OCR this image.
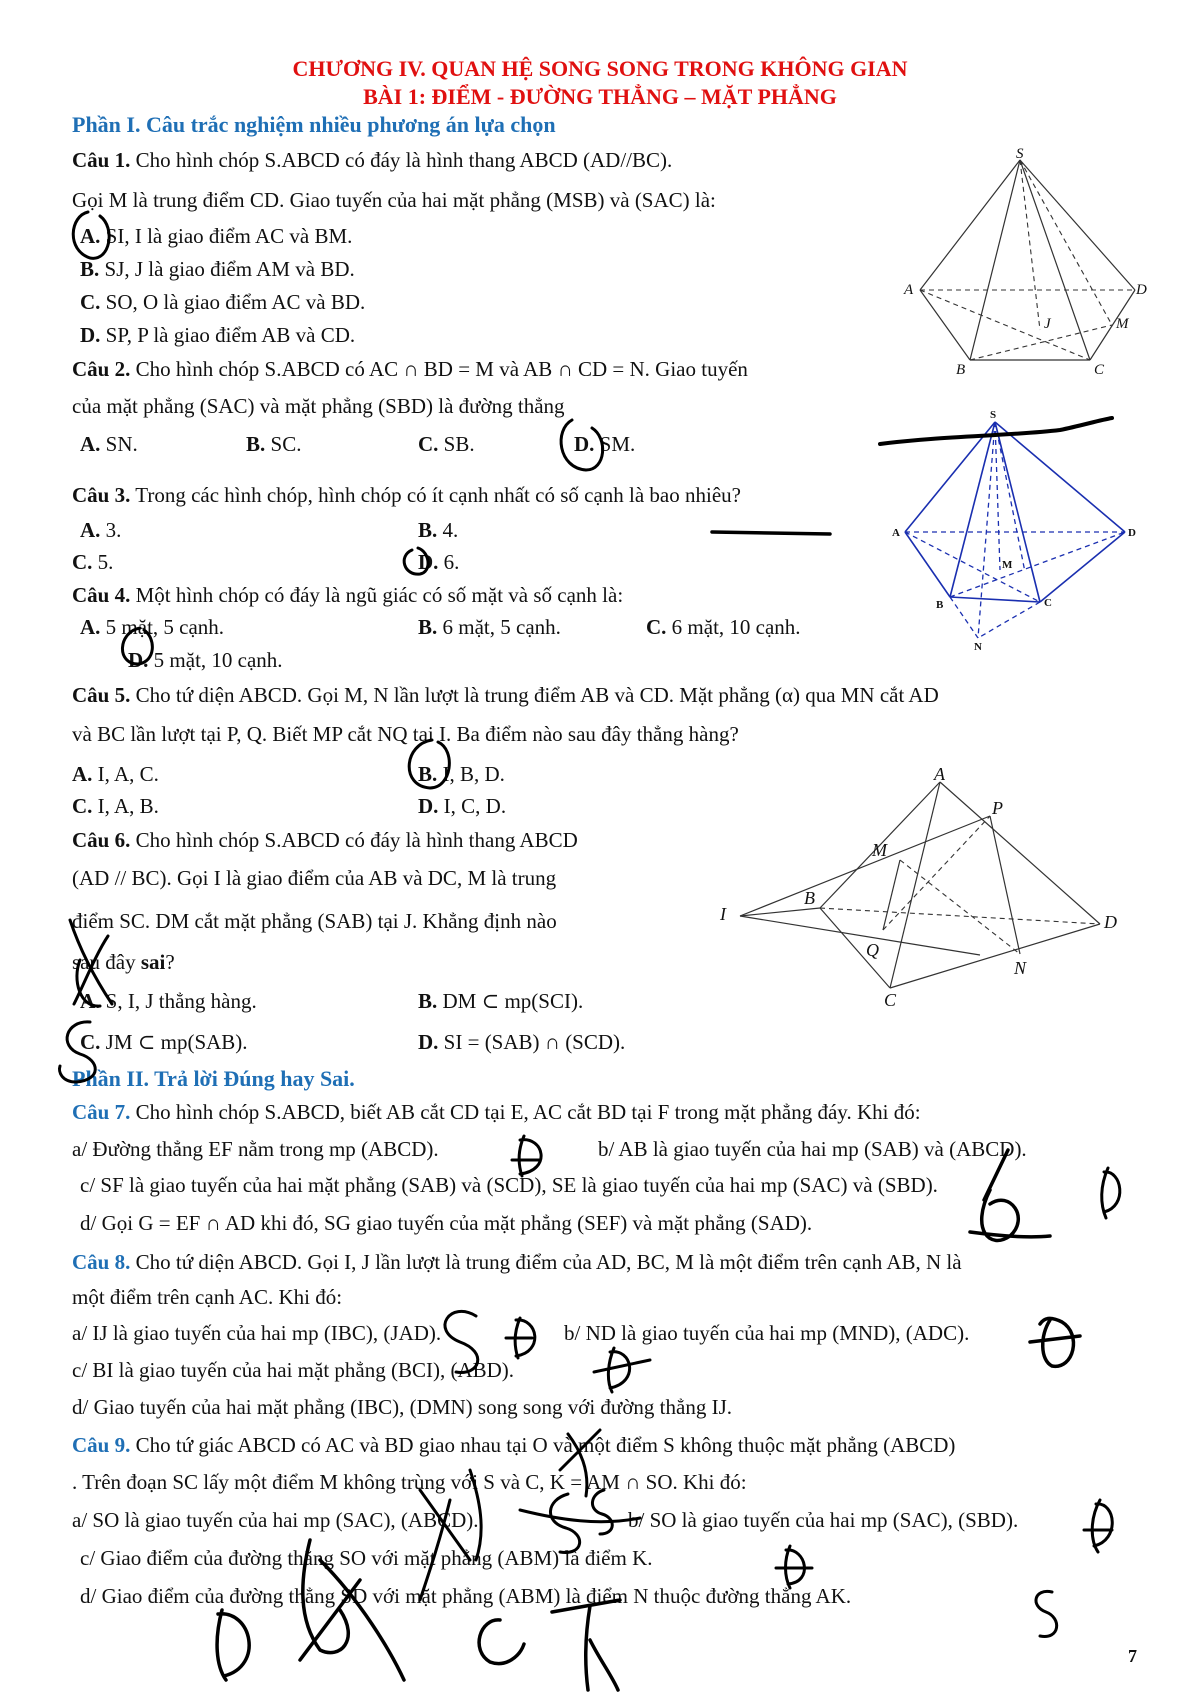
CHƯƠNG IV. QUAN HỆ SONG SONG TRONG KHÔNG GIAN
BÀI 1: ĐIỂM - ĐƯỜNG THẲNG – MẶT PHẲNG
Phần I. Câu trắc nghiệm nhiều phương án lựa chọn
Câu 1. Cho hình chóp S.ABCD có đáy là hình thang ABCD (AD//BC).
Gọi M là trung điểm CD. Giao tuyến của hai mặt phẳng (MSB) và (SAC) là:
A. SI, I là giao điểm AC và BM.
B. SJ, J là giao điểm AM và BD.
C. SO, O là giao điểm AC và BD.
D. SP, P là giao điểm AB và CD.
Câu 2. Cho hình chóp S.ABCD có AC ∩ BD = M và AB ∩ CD = N. Giao tuyến
của mặt phẳng (SAC) và mặt phẳng (SBD) là đường thẳng
A. SN.	B. SC.	C. SB.	D. SM.
Câu 3. Trong các hình chóp, hình chóp có ít cạnh nhất có số cạnh là bao nhiêu?
A. 3.	B. 4.
C. 5.	D. 6.
Câu 4. Một hình chóp có đáy là ngũ giác có số mặt và số cạnh là:
A. 5 mặt, 5 cạnh.	B. 6 mặt, 5 cạnh.	C. 6 mặt, 10 cạnh.
D. 5 mặt, 10 cạnh.
Câu 5. Cho tứ diện ABCD. Gọi M, N lần lượt là trung điểm AB và CD. Mặt phẳng (α) qua MN cắt AD
và BC lần lượt tại P, Q. Biết MP cắt NQ tại I. Ba điểm nào sau đây thẳng hàng?
A. I, A, C.	B. I, B, D.
C. I, A, B.	D. I, C, D.
Câu 6. Cho hình chóp S.ABCD có đáy là hình thang ABCD
(AD // BC). Gọi I là giao điểm của AB và DC, M là trung
điểm SC. DM cắt mặt phẳng (SAB) tại J. Khẳng định nào
sau đây sai?
A. S, I, J thẳng hàng.	B. DM ⊂ mp(SCI).
C. JM ⊂ mp(SAB).	D. SI = (SAB) ∩ (SCD).
Phần II. Trả lời Đúng hay Sai.
Câu 7. Cho hình chóp S.ABCD, biết AB cắt CD tại E, AC cắt BD tại F trong mặt phẳng đáy. Khi đó:
a/ Đường thẳng EF nằm trong mp (ABCD).	b/ AB là giao tuyến của hai mp (SAB) và (ABCD).
c/ SF là giao tuyến của hai mặt phẳng (SAB) và (SCD), SE là giao tuyến của hai mp (SAC) và (SBD).
d/ Gọi G = EF ∩ AD khi đó, SG giao tuyến của mặt phẳng (SEF) và mặt phẳng (SAD).
Câu 8. Cho tứ diện ABCD. Gọi I, J lần lượt là trung điểm của AD, BC, M là một điểm trên cạnh AB, N là
một điểm trên cạnh AC. Khi đó:
a/ IJ là giao tuyến của hai mp (IBC), (JAD).	b/ ND là giao tuyến của hai mp (MND), (ADC).
c/ BI là giao tuyến của hai mặt phẳng (BCI), (ABD).
d/ Giao tuyến của hai mặt phẳng (IBC), (DMN) song song với đường thẳng IJ.
Câu 9. Cho tứ giác ABCD có AC và BD giao nhau tại O và một điểm S không thuộc mặt phẳng (ABCD)
. Trên đoạn SC lấy một điểm M không trùng với S và C, K = AM ∩ SO. Khi đó:
a/ SO là giao tuyến của hai mp (SAC), (ABCD).	b/ SO là giao tuyến của hai mp (SAC), (SBD).
c/ Giao điểm của đường thẳng SO với mặt phẳng (ABM) là điểm K.
d/ Giao điểm của đường thẳng SD với mặt phẳng (ABM) là điểm N thuộc đường thẳng AK.
7
S
A	D
B	C
M
J
S
A	D
M
B	C
N
A
P
M
B
I	D
Q
N
C
